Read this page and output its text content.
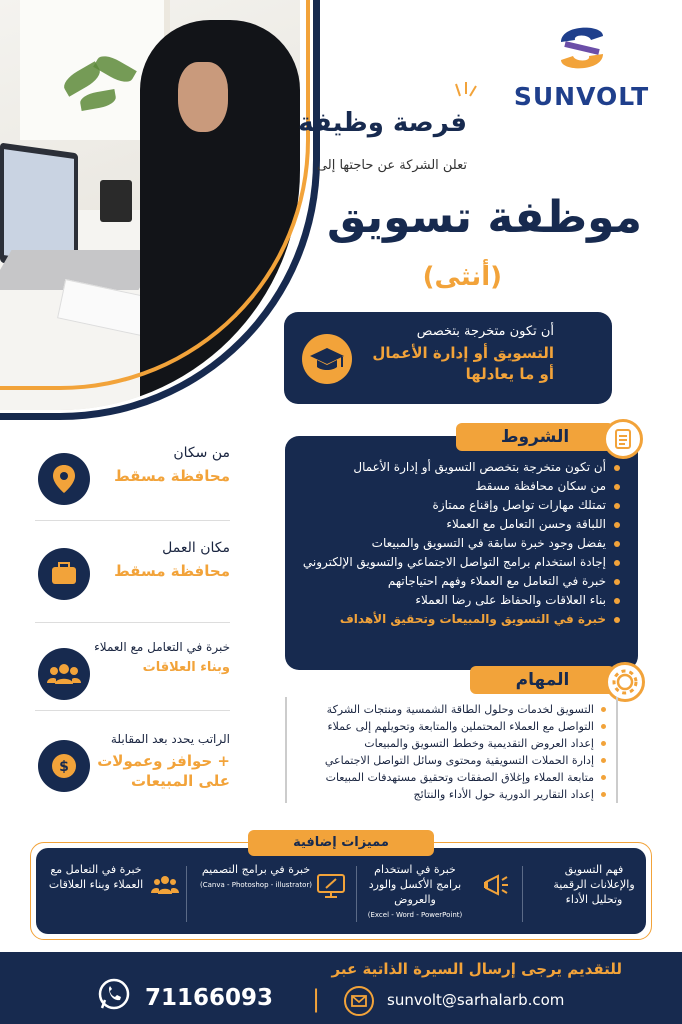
SUNVOLT
فرصة وظيفة
تعلن الشركة عن حاجتها إلى
موظفة تسويق
(أنثى)
أن تكون متخرجة بتخصص
التسويق أو إدارة الأعمال
أو ما يعادلها
أن تكون متخرجة بتخصص التسويق أو إدارة الأعمال
من سكان محافظة مسقط
تمتلك مهارات تواصل وإقناع ممتازة
اللباقة وحسن التعامل مع العملاء
يفضل وجود خبرة سابقة في التسويق والمبيعات
إجادة استخدام برامج التواصل الاجتماعي والتسويق الإلكتروني
خبرة في التعامل مع العملاء وفهم احتياجاتهم
بناء العلاقات والحفاظ على رضا العملاء
خبرة في التسويق والمبيعات وتحقيق الأهداف
الشروط
المهام
التسويق لخدمات وحلول الطاقة الشمسية ومنتجات الشركة
التواصل مع العملاء المحتملين والمتابعة وتحويلهم إلى عملاء
إعداد العروض التقديمية وخطط التسويق والمبيعات
إدارة الحملات التسويقية ومحتوى وسائل التواصل الاجتماعي
متابعة العملاء وإغلاق الصفقات وتحقيق مستهدفات المبيعات
إعداد التقارير الدورية حول الأداء والنتائج
من سكان
محافظة مسقط
مكان العمل
محافظة مسقط
خبرة في التعامل مع العملاء
وبناء العلاقات
الراتب يحدد بعد المقابلة
+ حوافز وعمولات
على المبيعات
$
مميزات إضافية
فهم التسويق والإعلانات الرقمية وتحليل الأداء
خبرة في استخدام برامج الأكسل والورد والعروض
(Excel - Word - PowerPoint)
خبرة في برامج التصميم
(Canva - Photoshop - illustrator)
خبرة في التعامل مع العملاء وبناء العلاقات
للتقديم يرجى إرسال السيرة الذاتية عبر
71166093 |	sunvolt@sarhalarb.com
